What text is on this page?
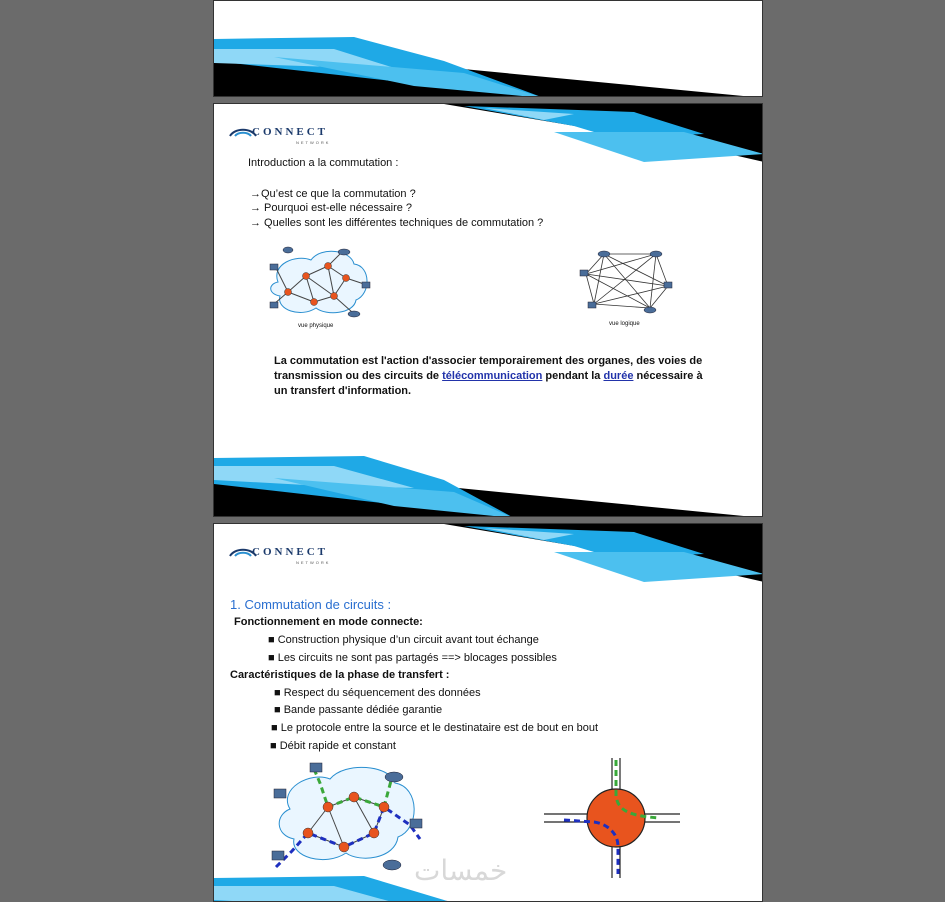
CONNECT
NETWORK
Introduction a la commutation :
→Qu’est ce que la commutation ?
→ Pourquoi est-elle nécessaire ?
→ Quelles sont les différentes techniques de commutation ?
vue physique	vue logique
La commutation est l'action d'associer temporairement des organes, des voies de transmission ou des circuits de télécommunication pendant la durée nécessaire à un transfert d'information.
CONNECT
NETWORK
1. Commutation de circuits :
Fonctionnement en mode connecte:
■ Construction physique d’un circuit avant tout échange
■ Les circuits ne sont pas partagés ==> blocages possibles
Caractéristiques de la phase de transfert :
■ Respect du séquencement des données
■ Bande passante dédiée garantie
■ Le protocole entre la source et le destinataire est de bout en bout
■ Débit rapide et constant
خمسات
